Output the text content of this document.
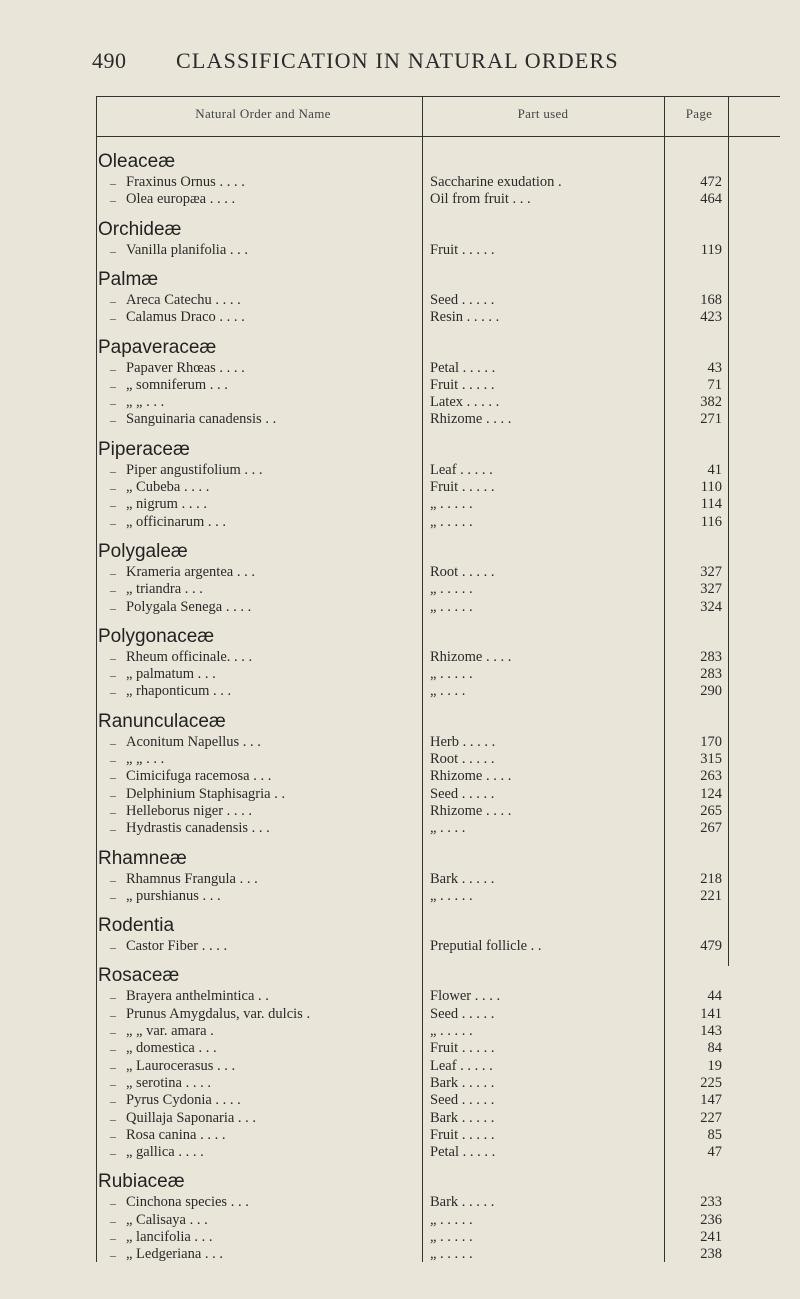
490 CLASSIFICATION IN NATURAL ORDERS
Natural Order and Name	Part used	Page
Oleaceæ
‒ Fraxinus Ornus . . . .	Saccharine exudation .	472
‒ Olea europæa . . . .	Oil from fruit . . .	464
Orchideæ
‒ Vanilla planifolia . . .	Fruit . . . . .	119
Palmæ
‒ Areca Catechu . . . .	Seed . . . . .	168
‒ Calamus Draco . . . .	Resin . . . . .	423
Papaveraceæ
‒ Papaver Rhœas . . . .	Petal . . . . .	43
‒ „ somniferum . . .	Fruit . . . . .	71
‒ „ „ . . .	Latex . . . . .	382
‒ Sanguinaria canadensis . .	Rhizome . . . .	271
Piperaceæ
‒ Piper angustifolium . . .	Leaf . . . . .	41
‒ „ Cubeba . . . .	Fruit . . . . .	110
‒ „ nigrum . . . .	„ . . . . .	114
‒ „ officinarum . . .	„ . . . . .	116
Polygaleæ
‒ Krameria argentea . . .	Root . . . . .	327
‒ „ triandra . . .	„ . . . . .	327
‒ Polygala Senega . . . .	„ . . . . .	324
Polygonaceæ
‒ Rheum officinale. . . .	Rhizome . . . .	283
‒ „ palmatum . . .	„ . . . . .	283
‒ „ rhaponticum . . .	„ . . . .	290
Ranunculaceæ
‒ Aconitum Napellus . . .	Herb . . . . .	170
‒ „ „ . . .	Root . . . . .	315
‒ Cimicifuga racemosa . . .	Rhizome . . . .	263
‒ Delphinium Staphisagria . .	Seed . . . . .	124
‒ Helleborus niger . . . .	Rhizome . . . .	265
‒ Hydrastis canadensis . . .	„ . . . .	267
Rhamneæ
‒ Rhamnus Frangula . . .	Bark . . . . .	218
‒ „ purshianus . . .	„ . . . . .	221
Rodentia
‒ Castor Fiber . . . .	Preputial follicle . .	479
Rosaceæ
‒ Brayera anthelmintica . .	Flower . . . .	44
‒ Prunus Amygdalus, var. dulcis .	Seed . . . . .	141
‒ „ „ var. amara .	„ . . . . .	143
‒ „ domestica . . .	Fruit . . . . .	84
‒ „ Laurocerasus . . .	Leaf . . . . .	19
‒ „ serotina . . . .	Bark . . . . .	225
‒ Pyrus Cydonia . . . .	Seed . . . . .	147
‒ Quillaja Saponaria . . .	Bark . . . . .	227
‒ Rosa canina . . . .	Fruit . . . . .	85
‒ „ gallica . . . .	Petal . . . . .	47
Rubiaceæ
‒ Cinchona species . . .	Bark . . . . .	233
‒ „ Calisaya . . .	„ . . . . .	236
‒ „ lancifolia . . .	„ . . . . .	241
‒ „ Ledgeriana . . .	„ . . . . .	238
